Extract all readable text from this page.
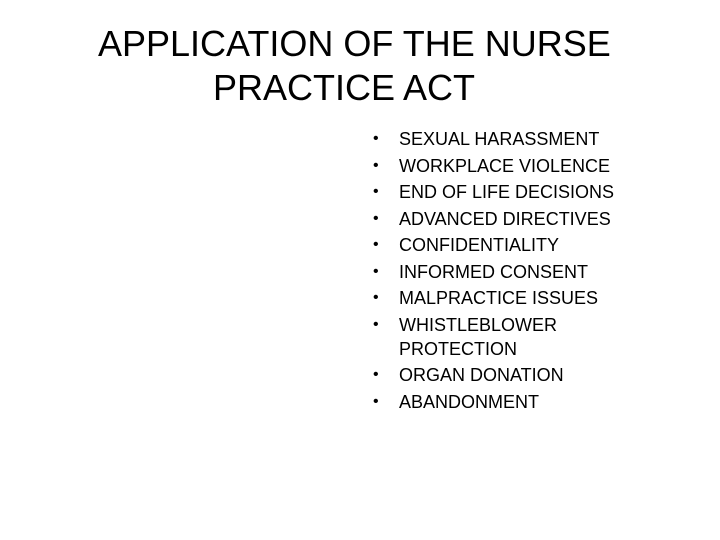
APPLICATION OF THE NURSE
PRACTICE ACT
•	SEXUAL HARASSMENT
•	WORKPLACE VIOLENCE
•	END OF LIFE DECISIONS
•	ADVANCED DIRECTIVES
•	CONFIDENTIALITY
•	INFORMED CONSENT
•	MALPRACTICE ISSUES
•	WHISTLEBLOWER PROTECTION
•	ORGAN DONATION
•	ABANDONMENT
